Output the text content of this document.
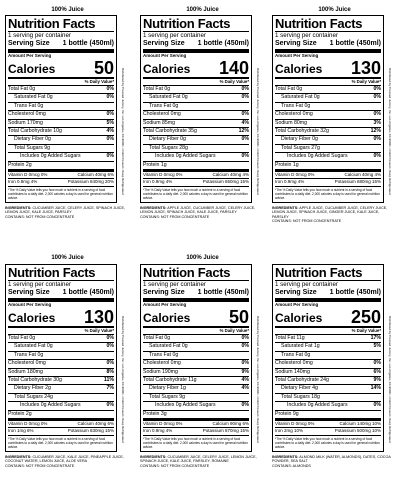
100% Juice
Nutrition Facts
1 serving per container
Serving Size 1 bottle (450ml)
Amount Per Serving
Calories 50
% Daily Value*
Total Fat 0g	0%
Saturated Fat 0g	0%
Trans Fat 0g
Cholesterol 0mg	0%
Sodium 170mg	5%
Total Carbohydrate 10g	4%
Dietary Fiber 0g	0%
Total Sugars 9g
Includes 0g Added Sugars	0%
Protein 2g
Vitamin D 0mcg 0%	Calcium 40mg 6%
Iron 0.9mg 4%	Potassium 840mg 20%
*The % Daily Value tells you how much a nutrient in a serving of food contributes to a daily diet. 2,000 calories a day is used for general nutrition advice.
Distributed by Pressed Juicery, Inc. Los Angeles, CA 90021 • Cold Pressed • Keep Refrigerated
INGREDIENTS: CUCUMBER JUICE, CELERY JUICE, SPINACH JUICE, LEMON JUICE, KALE JUICE, PARSLEY
CONTAINS: NOT FROM CONCENTRATE
100% Juice
Nutrition Facts
1 serving per container
Serving Size 1 bottle (450ml)
Amount Per Serving
Calories 140
% Daily Value*
Total Fat 0g	0%
Saturated Fat 0g	0%
Trans Fat 0g
Cholesterol 0mg	0%
Sodium 85mg	4%
Total Carbohydrate 35g	12%
Dietary Fiber 0g	0%
Total Sugars 28g
Includes 0g Added Sugars	0%
Protein 1g
Vitamin D 0mcg 0%	Calcium 40mg 4%
Iron 0.9mg 4%	Potassium 650mg 15%
*The % Daily Value tells you how much a nutrient in a serving of food contributes to a daily diet. 2,000 calories a day is used for general nutrition advice.
Distributed by Pressed Juicery, Inc. Los Angeles, CA 90021 • Cold Pressed • Keep Refrigerated
INGREDIENTS: APPLE JUICE, CUCUMBER JUICE, CELERY JUICE, LEMON JUICE, SPINACH JUICE, KALE JUICE, PARSLEY
CONTAINS: NOT FROM CONCENTRATE
100% Juice
Nutrition Facts
1 serving per container
Serving Size 1 bottle (450ml)
Amount Per Serving
Calories 130
% Daily Value*
Total Fat 0g	0%
Saturated Fat 0g	0%
Trans Fat 0g
Cholesterol 0mg	0%
Sodium 80mg	3%
Total Carbohydrate 32g	12%
Dietary Fiber 0g	0%
Total Sugars 27g
Includes 0g Added Sugars	0%
Protein 1g
Vitamin D 0mcg 0%	Calcium 40mg 4%
Iron 0.9mg 4%	Potassium 680mg 15%
*The % Daily Value tells you how much a nutrient in a serving of food contributes to a daily diet. 2,000 calories a day is used for general nutrition advice.
Distributed by Pressed Juicery, Inc. Los Angeles, CA 90021 • Cold Pressed • Keep Refrigerated
INGREDIENTS: APPLE JUICE, CUCUMBER JUICE, CELERY JUICE, LEMON JUICE, SPINACH JUICE, GINGER JUICE, KALE JUICE, PARSLEY
CONTAINS: NOT FROM CONCENTRATE
100% Juice
Nutrition Facts
1 serving per container
Serving Size 1 bottle (450ml)
Amount Per Serving
Calories 130
% Daily Value*
Total Fat 0g	0%
Saturated Fat 0g	0%
Trans Fat 0g
Cholesterol 0mg	0%
Sodium 180mg	8%
Total Carbohydrate 30g	11%
Dietary Fiber 2g	7%
Total Sugars 24g
Includes 0g Added Sugars	0%
Protein 2g
Vitamin D 0mcg 0%	Calcium 40mg 6%
Iron 1mg 6%	Potassium 830mg 15%
*The % Daily Value tells you how much a nutrient in a serving of food contributes to a daily diet. 2,000 calories a day is used for general nutrition advice.
Distributed by Pressed Juicery, Inc. Los Angeles, CA 90021 • Cold Pressed • Keep Refrigerated
INGREDIENTS: CUCUMBER JUICE, KALE JUICE, PINEAPPLE JUICE, COCONUT WATER, LEMON JUICE, ALOE VERA
CONTAINS: NOT FROM CONCENTRATE
100% Juice
Nutrition Facts
1 serving per container
Serving Size 1 bottle (450ml)
Amount Per Serving
Calories 50
% Daily Value*
Total Fat 0g	0%
Saturated Fat 0g	0%
Trans Fat 0g
Cholesterol 0mg	0%
Sodium 190mg	9%
Total Carbohydrate 11g	4%
Dietary Fiber 1g	4%
Total Sugars 9g
Includes 0g Added Sugars	0%
Protein 3g
Vitamin D 0mcg 0%	Calcium 90mg 6%
Iron 0.9mg 4%	Potassium 870mg 15%
*The % Daily Value tells you how much a nutrient in a serving of food contributes to a daily diet. 2,000 calories a day is used for general nutrition advice.
Distributed by Pressed Juicery, Inc. Los Angeles, CA 90021 • Cold Pressed • Keep Refrigerated
INGREDIENTS: CUCUMBER JUICE, CELERY JUICE, LEMON JUICE, SPINACH JUICE, KALE JUICE, PARSLEY, ROMAINE
CONTAINS: NOT FROM CONCENTRATE
Nutrition Facts
1 serving per container
Serving Size 1 bottle (450ml)
Amount Per Serving
Calories 250
% Daily Value*
Total Fat 11g	17%
Saturated Fat 1g	5%
Trans Fat 0g
Cholesterol 0mg	0%
Sodium 140mg	6%
Total Carbohydrate 24g	9%
Dietary Fiber 4g	14%
Total Sugars 18g
Includes 0g Added Sugars	0%
Protein 9g
Vitamin D 0mcg 0%	Calcium 140mg 10%
Iron 2mg 10%	Potassium 500mg 10%
*The % Daily Value tells you how much a nutrient in a serving of food contributes to a daily diet. 2,000 calories a day is used for general nutrition advice.
Distributed by Pressed Juicery, Inc. Los Angeles, CA 90021 • Cold Pressed • Keep Refrigerated
INGREDIENTS: ALMOND MILK (WATER, ALMONDS), DATES, COCOA POWDER, SEA SALT
CONTAINS: ALMONDS
